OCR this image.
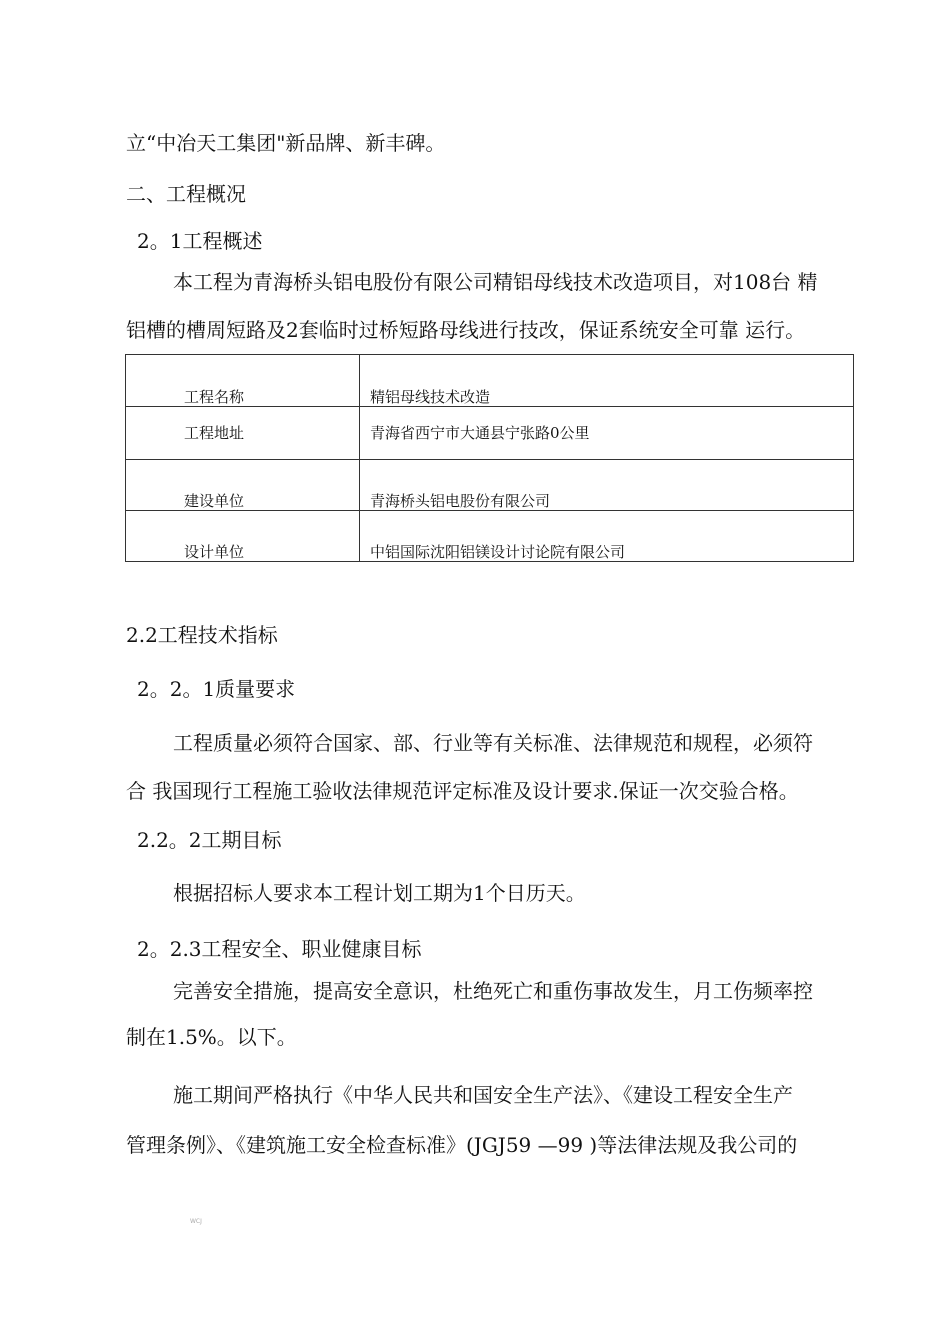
立“中冶天工集团"新品牌、新丰碑。
二、工程概况
2。1工程概述
本工程为青海桥头铝电股份有限公司精铝母线技术改造项目，对108台 精
铝槽的槽周短路及2套临时过桥短路母线进行技改，保证系统安全可靠 运行。
工程名称	精铝母线技术改造
工程地址	青海省西宁市大通县宁张路0公里
建设单位	青海桥头铝电股份有限公司
设计单位	中铝国际沈阳铝镁设计讨论院有限公司
2.2工程技术指标
2。2。1质量要求
工程质量必须符合国家、部、行业等有关标准、法律规范和规程，必须符
合 我国现行工程施工验收法律规范评定标准及设计要求.保证一次交验合格。
2.2。2工期目标
根据招标人要求本工程计划工期为1个日历天。
2。2.3工程安全、职业健康目标
完善安全措施，提高安全意识，杜绝死亡和重伤事故发生，月工伤频率控
制在1.5%。以下。
施工期间严格执行《中华人民共和国安全生产法》、《建设工程安全生产
管理条例》、《建筑施工安全检查标准》(JGJ59 —99 )等法律法规及我公司的
WCJ
